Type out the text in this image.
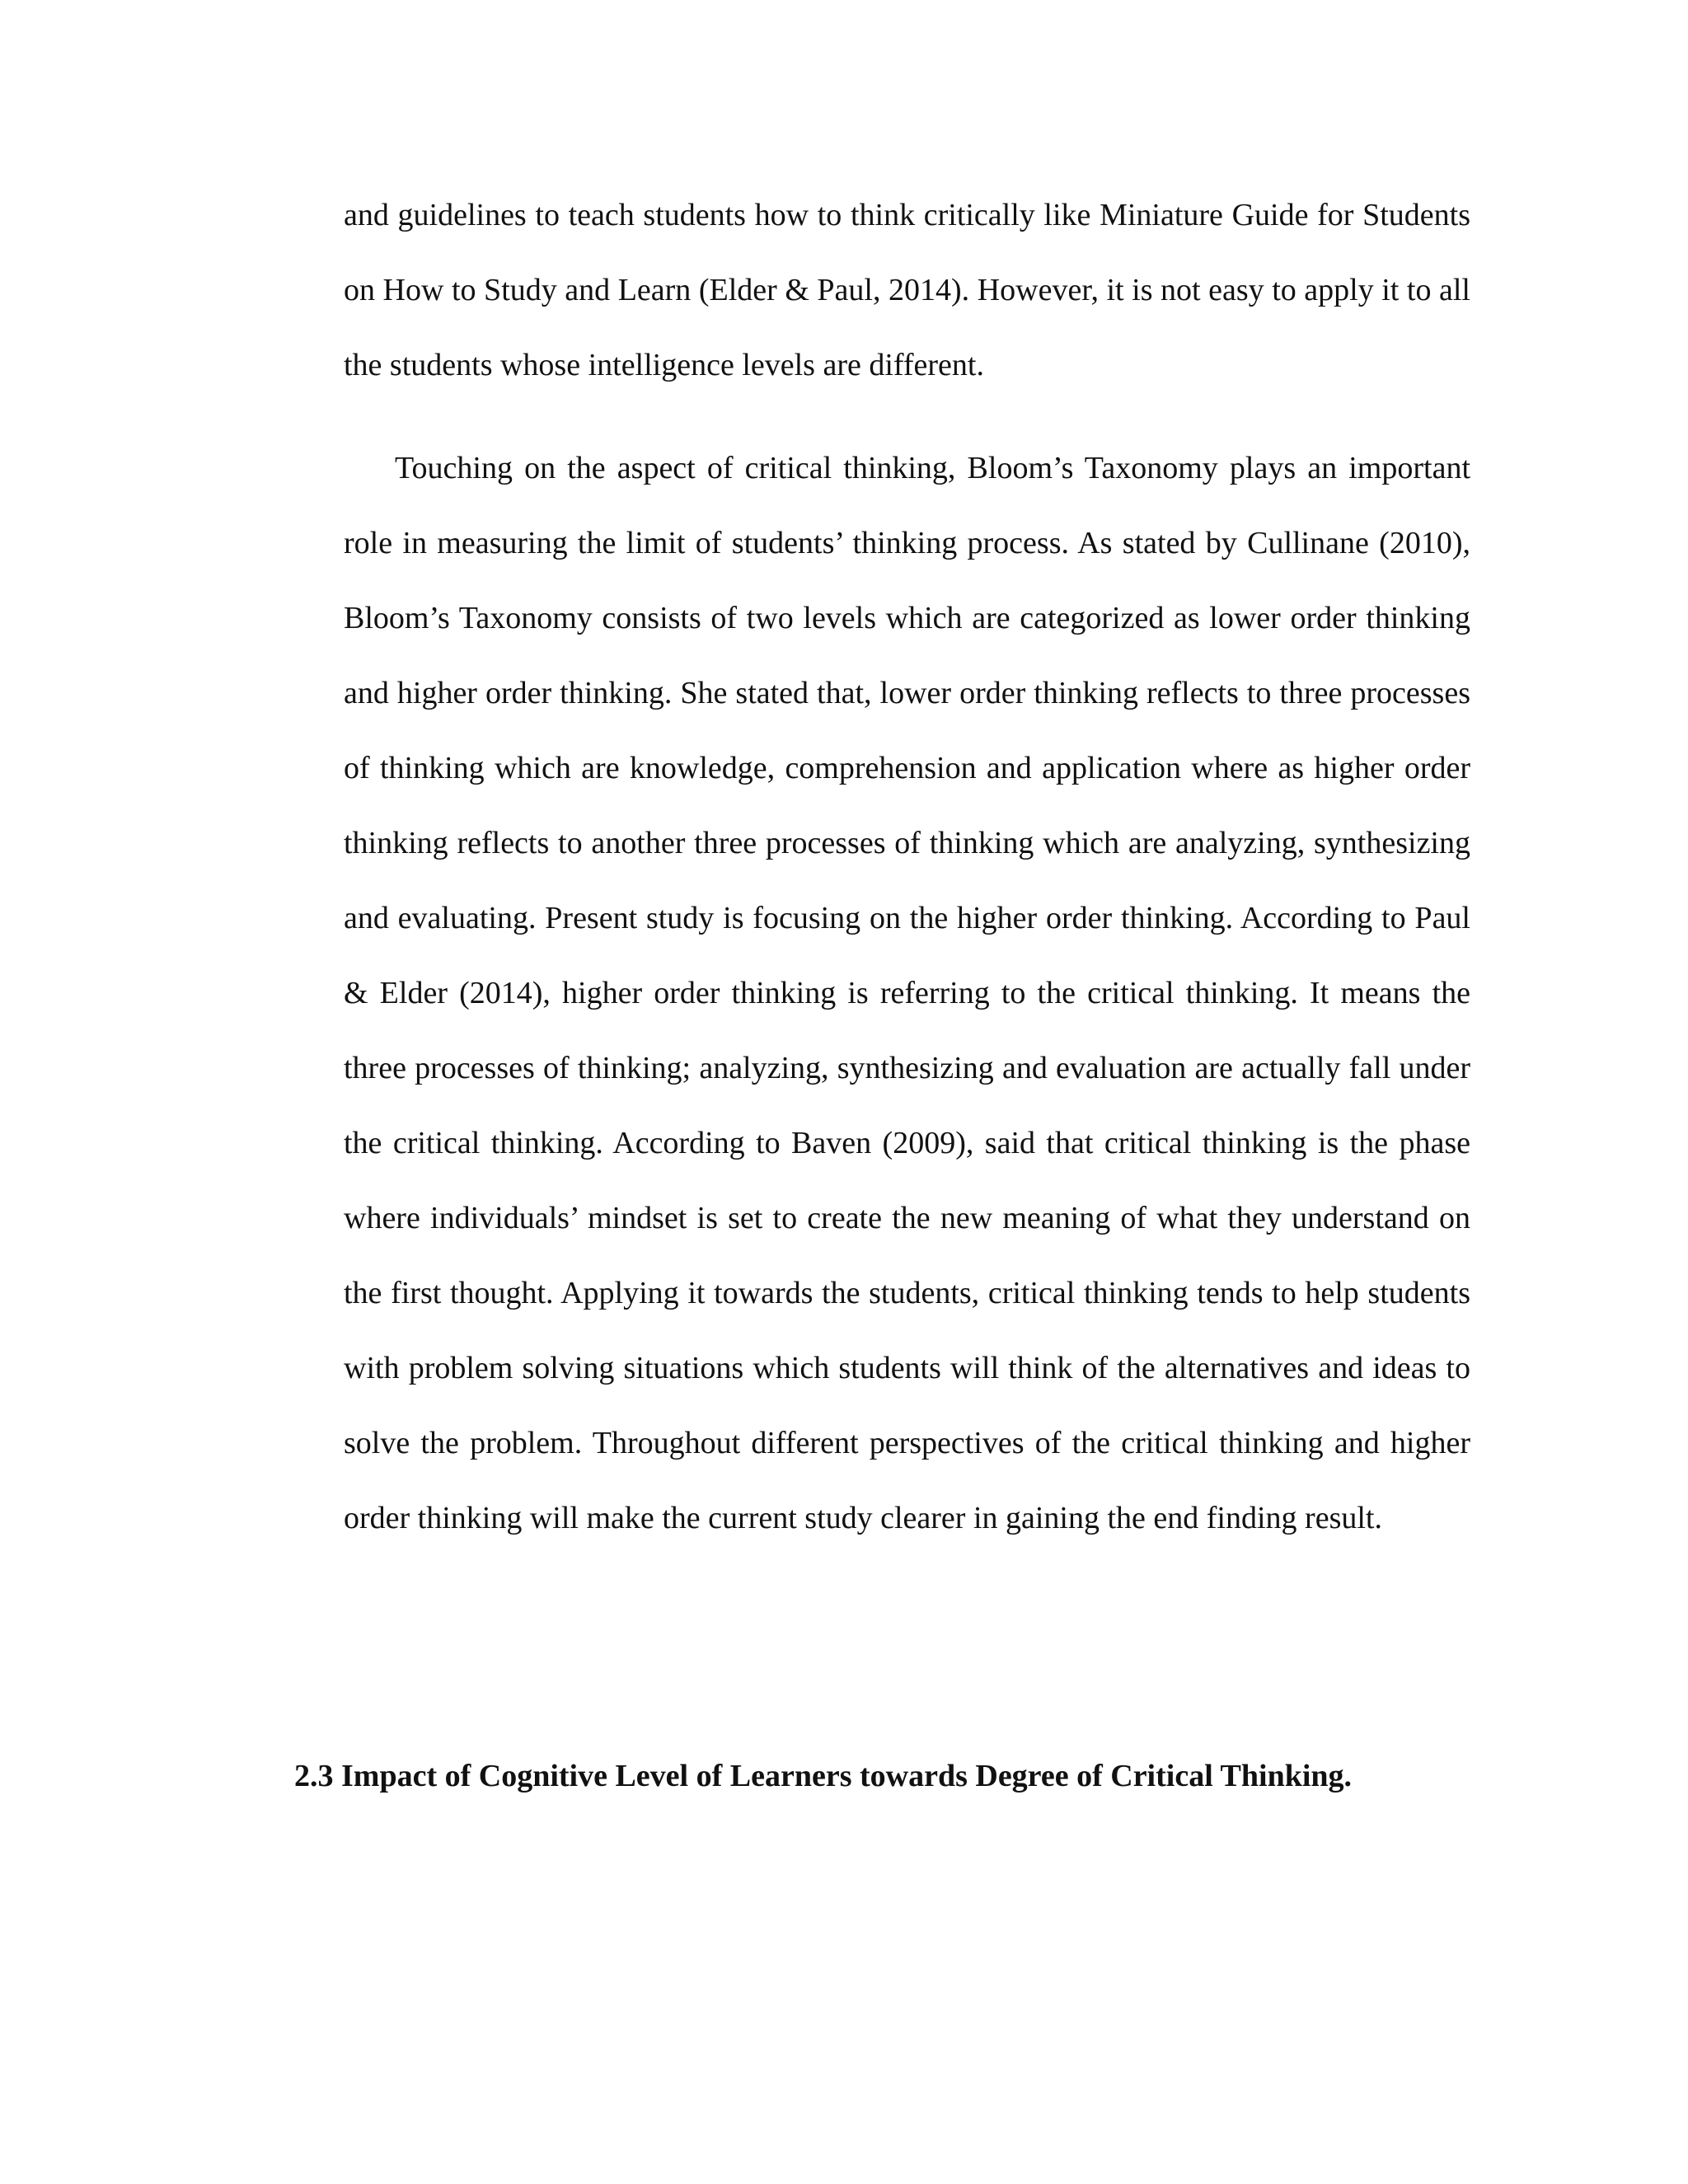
and guidelines to teach students how to think critically like Miniature Guide for Students on How to Study and Learn (Elder & Paul, 2014). However, it is not easy to apply it to all the students whose intelligence levels are different.

Touching on the aspect of critical thinking, Bloom’s Taxonomy plays an important role in measuring the limit of students’ thinking process. As stated by Cullinane (2010), Bloom’s Taxonomy consists of two levels which are categorized as lower order thinking and higher order thinking. She stated that, lower order thinking reflects to three processes of thinking which are knowledge, comprehension and application where as higher order thinking reflects to another three processes of thinking which are analyzing, synthesizing and evaluating. Present study is focusing on the higher order thinking. According to Paul & Elder (2014), higher order thinking is referring to the critical thinking. It means the three processes of thinking; analyzing, synthesizing and evaluation are actually fall under the critical thinking. According to Baven (2009), said that critical thinking is the phase where individuals’ mindset is set to create the new meaning of what they understand on the first thought. Applying it towards the students, critical thinking tends to help students with problem solving situations which students will think of the alternatives and ideas to solve the problem. Throughout different perspectives of the critical thinking and higher order thinking will make the current study clearer in gaining the end finding result.

2.3 Impact of Cognitive Level of Learners towards Degree of Critical Thinking.
